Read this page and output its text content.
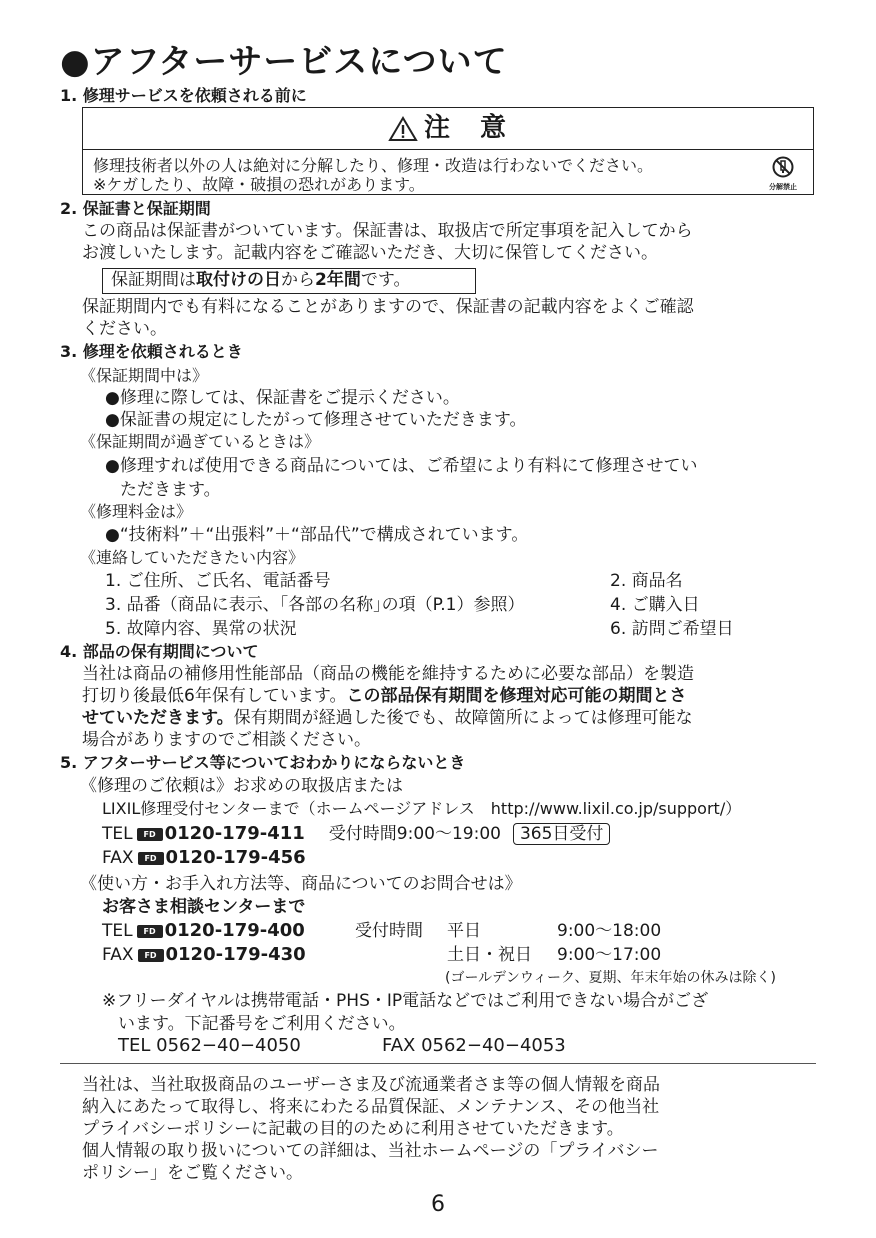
●アフターサービスについて
1. 修理サービスを依頼される前に
注　意
修理技術者以外の人は絶対に分解したり、修理・改造は行わないでください。
※ケガしたり、故障・破損の恐れがあります。	分解禁止
2. 保証書と保証期間
この商品は保証書がついています。保証書は、取扱店で所定事項を記入してから
お渡しいたします。記載内容をご確認いただき、大切に保管してください。
保証期間は取付けの日から2年間です。
保証期間内でも有料になることがありますので、保証書の記載内容をよくご確認
ください。
3. 修理を依頼されるとき
《保証期間中は》
●修理に際しては、保証書をご提示ください。
●保証書の規定にしたがって修理させていただきます。
《保証期間が過ぎているときは》
●修理すれば使用できる商品については、ご希望により有料にて修理させてい
ただきます。
《修理料金は》
●“技術料”＋“出張料”＋“部品代”で構成されています。
《連絡していただきたい内容》
1. ご住所、ご氏名、電話番号	2. 商品名
3. 品番（商品に表示、｢各部の名称｣の項（P.1）参照）	4. ご購入日
5. 故障内容、異常の状況	6. 訪問ご希望日
4. 部品の保有期間について
当社は商品の補修用性能部品（商品の機能を維持するために必要な部品）を製造
打切り後最低6年保有しています。この部品保有期間を修理対応可能の期間とさ
せていただきます。保有期間が経過した後でも、故障箇所によっては修理可能な
場合がありますのでご相談ください。
5. アフターサービス等についておわかりにならないとき
《修理のご依頼は》お求めの取扱店または
LIXIL修理受付センターまで（ホームページアドレス　http://www.lixil.co.jp/support/）
TEL FD 0120-179-411 受付時間9:00〜19:00 365日受付
FAX FD 0120-179-456
《使い方・お手入れ方法等、商品についてのお問合せは》
お客さま相談センターまで
TEL FD 0120-179-400	受付時間 平日	9:00〜18:00
FAX FD 0120-179-430	土日・祝日 9:00〜17:00
(ゴールデンウィーク、夏期、年末年始の休みは除く)
※フリーダイヤルは携帯電話・PHS・IP電話などではご利用できない場合がござ
います。下記番号をご利用ください。
TEL 0562−40−4050	FAX 0562−40−4053
当社は、当社取扱商品のユーザーさま及び流通業者さま等の個人情報を商品
納入にあたって取得し、将来にわたる品質保証、メンテナンス、その他当社
プライバシーポリシーに記載の目的のために利用させていただきます。
個人情報の取り扱いについての詳細は、当社ホームページの「プライバシー
ポリシー」をご覧ください。
6
